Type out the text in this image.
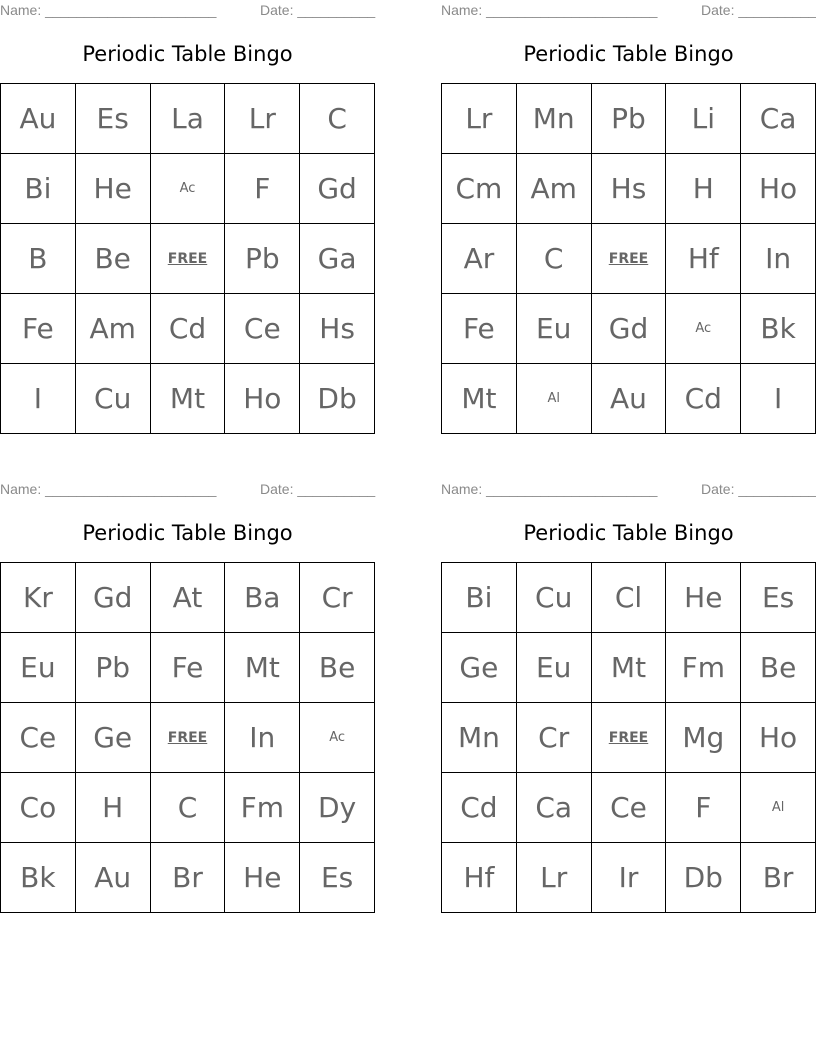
Name: ______________________	Date: __________
Periodic Table Bingo
Au	Es	La	Lr	C
Bi	He	Ac	F	Gd
B	Be	FREE	Pb	Ga
Fe	Am	Cd	Ce	Hs
I	Cu	Mt	Ho	Db
Name: ______________________	Date: __________
Periodic Table Bingo
Lr	Mn	Pb	Li	Ca
Cm	Am	Hs	H	Ho
Ar	C	FREE	Hf	In
Fe	Eu	Gd	Ac	Bk
Mt	Al	Au	Cd	I
Name: ______________________	Date: __________
Periodic Table Bingo
Kr	Gd	At	Ba	Cr
Eu	Pb	Fe	Mt	Be
Ce	Ge	FREE	In	Ac
Co	H	C	Fm	Dy
Bk	Au	Br	He	Es
Name: ______________________	Date: __________
Periodic Table Bingo
Bi	Cu	Cl	He	Es
Ge	Eu	Mt	Fm	Be
Mn	Cr	FREE	Mg	Ho
Cd	Ca	Ce	F	Al
Hf	Lr	Ir	Db	Br
